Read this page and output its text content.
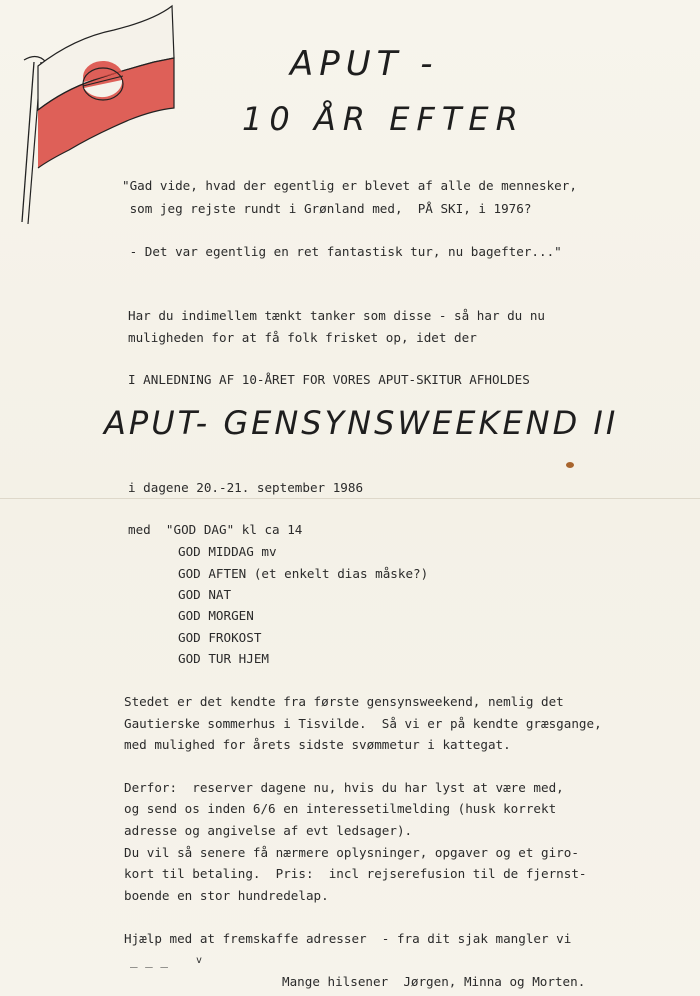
APUT -
10 ÅR EFTER
"Gad vide, hvad der egentlig er blevet af alle de mennesker,
som jeg rejste rundt i Grønland med,  PÅ SKI, i 1976?
- Det var egentlig en ret fantastisk tur, nu bagefter..."
Har du indimellem tænkt tanker som disse - så har du nu
muligheden for at få folk frisket op, idet der
I ANLEDNING AF 10-ÅRET FOR VORES APUT-SKITUR AFHOLDES
APUT- GENSYNSWEEKEND II
i dagene 20.-21. september 1986
med  "GOD DAG" kl ca 14
GOD MIDDAG mv
GOD AFTEN (et enkelt dias måske?)
GOD NAT
GOD MORGEN
GOD FROKOST
GOD TUR HJEM
Stedet er det kendte fra første gensynsweekend, nemlig det
Gautierske sommerhus i Tisvilde.  Så vi er på kendte græsgange,
med mulighed for årets sidste svømmetur i kattegat.
Derfor:  reserver dagene nu, hvis du har lyst at være med,
og send os inden 6/6 en interessetilmelding (husk korrekt
adresse og angivelse af evt ledsager).
Du vil så senere få nærmere oplysninger, opgaver og et giro-
kort til betaling.  Pris:  incl rejserefusion til de fjernst-
boende en stor hundredelap.
Hjælp med at fremskaffe adresser  - fra dit sjak mangler vi
_ _ _	v
Mange hilsener  Jørgen, Minna og Morten.
